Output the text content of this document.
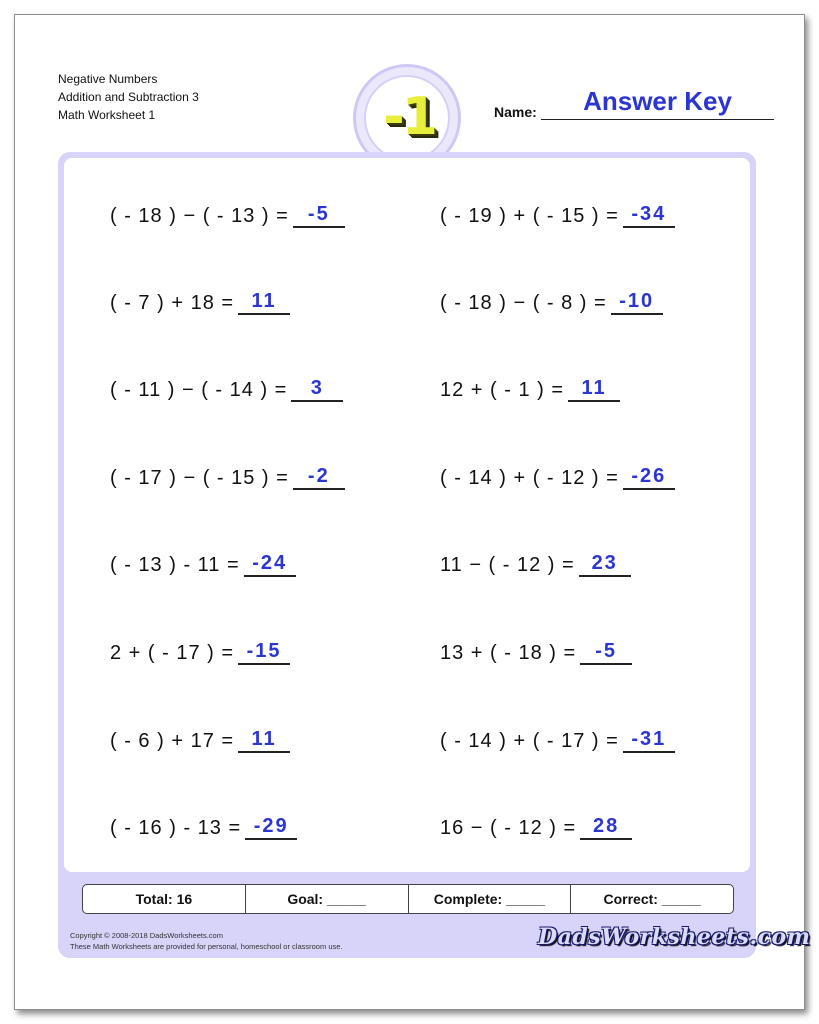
Negative Numbers
Addition and Subtraction 3
Math Worksheet 1	-1	Name:	Answer Key
( - 18 ) − ( - 13 ) = -5
( - 7 ) + 18 = 11
( - 11 ) − ( - 14 ) = 3
( - 17 ) − ( - 15 ) = -2
( - 13 ) - 11 = -24
2 + ( - 17 ) = -15
( - 6 ) + 17 = 11
( - 16 ) - 13 = -29
( - 19 ) + ( - 15 ) = -34
( - 18 ) − ( - 8 ) = -10
12 + ( - 1 ) = 11
( - 14 ) + ( - 12 ) = -26
11 − ( - 12 ) = 23
13 + ( - 18 ) = -5
( - 14 ) + ( - 17 ) = -31
16 − ( - 12 ) = 28
Total: 16	Goal: _____	Complete: _____	Correct: _____
Copyright © 2008-2018 DadsWorksheets.com
These Math Worksheets are provided for personal, homeschool or classroom use.	DadsWorksheets.com
